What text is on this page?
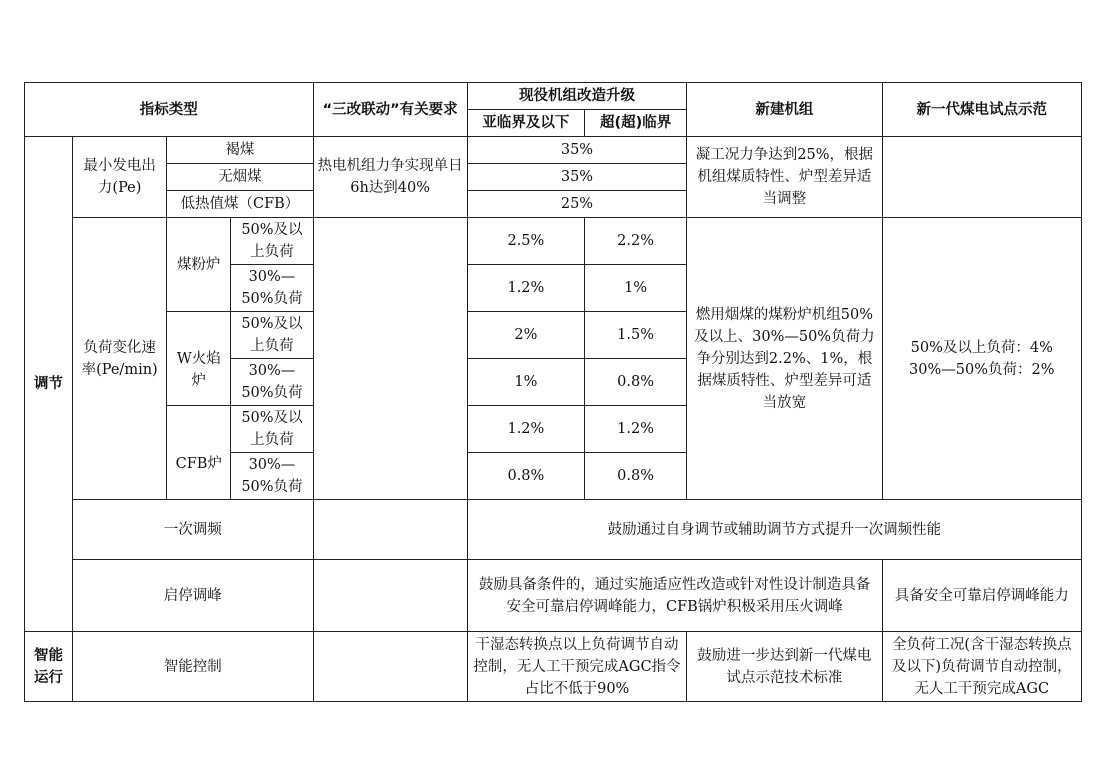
指标类型				“三改联动”有关要求	现役机组改造升级		新建机组	新一代煤电试点示范
					亚临界及以下	超(超)临界		
调节	最小发电出力(Pe)	褐煤		热电机组力争实现单日6h达到40%	35%		凝工况力争达到25%，根据机组煤质特性、炉型差异适当调整	
		无烟煤			35%			
		低热值煤（CFB）			25%			
	负荷变化速率(Pe/min)	煤粉炉	50%及以上负荷		2.5%	2.2%	燃用烟煤的煤粉炉机组50%及以上、30%—50%负荷力争分别达到2.2%、1%，根据煤质特性、炉型差异可适当放宽	50%及以上负荷：4%
30%—50%负荷：2%

			30%—50%负荷		1.2%	1%		
		W火焰炉	50%及以上负荷		2%	1.5%		
			30%—50%负荷		1%	0.8%		
		CFB炉	50%及以上负荷		1.2%	1.2%		
			30%—50%负荷		0.8%	0.8%		
	一次调频				鼓励通过自身调节或辅助调节方式提升一次调频性能			
	启停调峰				鼓励具备条件的，通过实施适应性改造或针对性设计制造具备安全可靠启停调峰能力，CFB锅炉积极采用压火调峰			具备安全可靠启停调峰能力
智能运行	智能控制				干湿态转换点以上负荷调节自动控制，无人工干预完成AGC指令占比不低于90%		鼓励进一步达到新一代煤电试点示范技术标准	全负荷工况(含干湿态转换点及以下)负荷调节自动控制，无人工干预完成AGC
